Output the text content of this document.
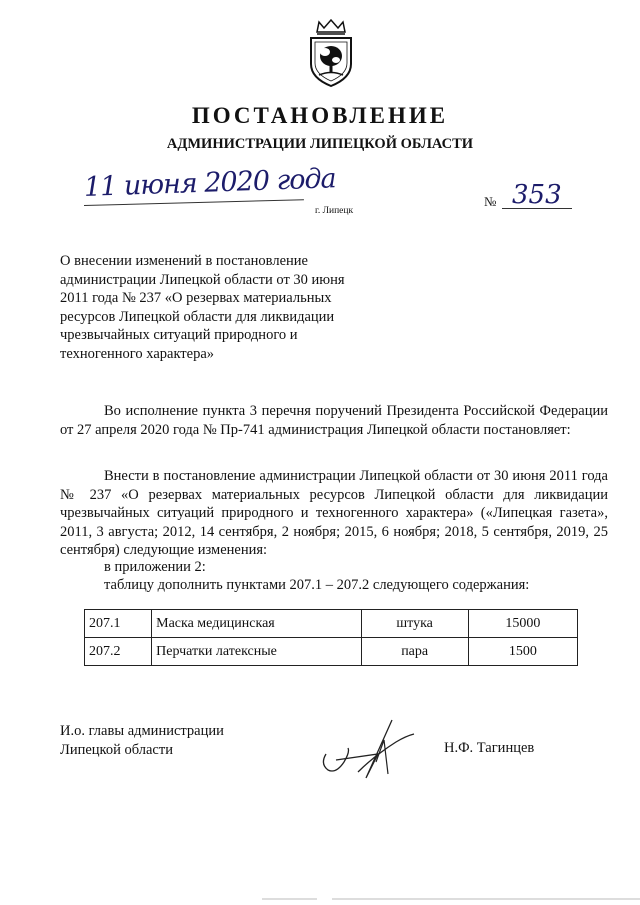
ПОСТАНОВЛЕНИЕ
АДМИНИСТРАЦИИ ЛИПЕЦКОЙ ОБЛАСТИ
11 июня 2020 года
г. Липецк
№ 353
О внесении изменений в постановление
администрации Липецкой области от 30 июня
2011 года № 237 «О резервах материальных
ресурсов Липецкой области для ликвидации
чрезвычайных ситуаций природного и
техногенного характера»
Во исполнение пункта 3 перечня поручений Президента Российской Федерации от 27 апреля 2020 года № Пр-741 администрация Липецкой области постановляет:
Внести в постановление администрации Липецкой области от 30 июня 2011 года № 237 «О резервах материальных ресурсов Липецкой области для ликвидации чрезвычайных ситуаций природного и техногенного характера» («Липецкая газета», 2011, 3 августа; 2012, 14 сентября, 2 ноября; 2015, 6 ноября; 2018, 5 сентября, 2019, 25 сентября) следующие изменения:
в приложении 2:
таблицу дополнить пунктами 207.1 – 207.2 следующего содержания:
207.1	Маска медицинская	штука	15000
207.2	Перчатки латексные	пара	1500
И.о. главы администрации
Липецкой области	Н.Ф. Тагинцев
